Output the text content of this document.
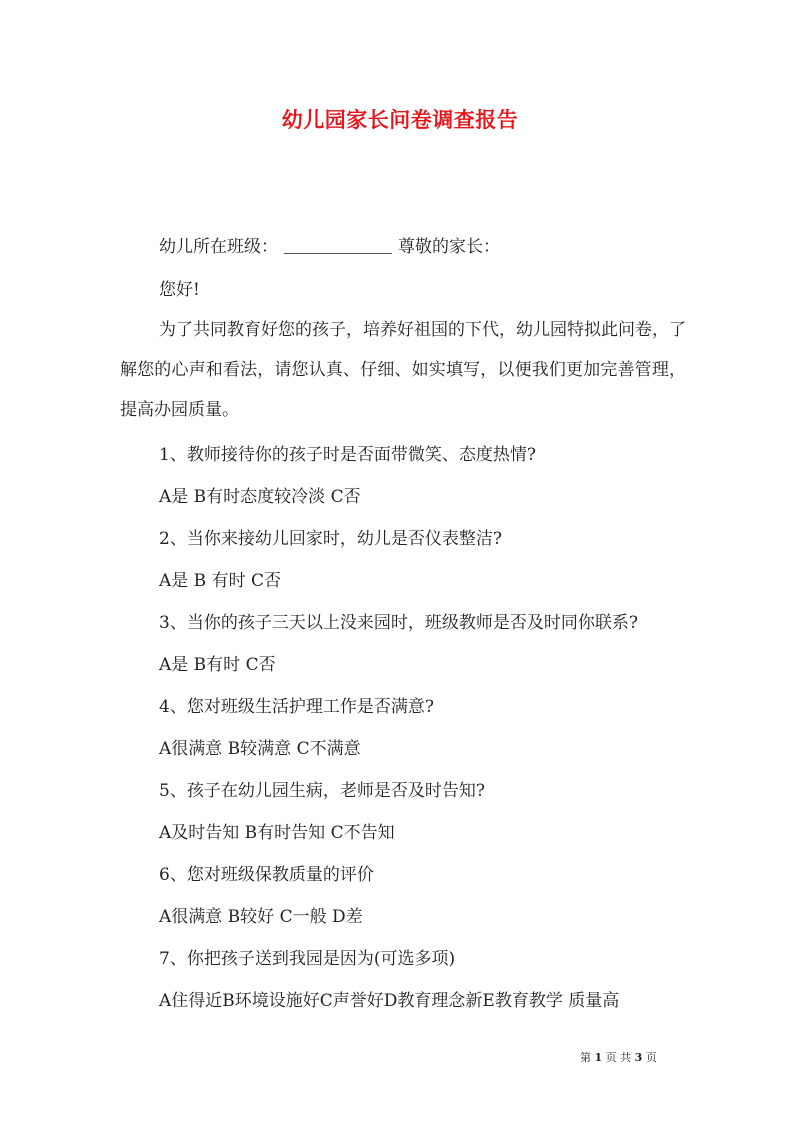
幼儿园家长问卷调查报告
幼儿所在班级：	尊敬的家长：
您好!
为了共同教育好您的孩子，培养好祖国的下代，幼儿园特拟此问卷，了解您的心声和看法，请您认真、仔细、如实填写，以便我们更加完善管理，提高办园质量。
1、教师接待你的孩子时是否面带微笑、态度热情?
A是 B有时态度较冷淡 C否
2、当你来接幼儿回家时，幼儿是否仪表整洁?
A是 B 有时 C否
3、当你的孩子三天以上没来园时，班级教师是否及时同你联系?
A是 B有时 C否
4、您对班级生活护理工作是否满意?
A很满意 B较满意 C不满意
5、孩子在幼儿园生病，老师是否及时告知?
A及时告知 B有时告知 C不告知
6、您对班级保教质量的评价
A很满意 B较好 C一般 D差
7、你把孩子送到我园是因为(可选多项)
A住得近B环境设施好C声誉好D教育理念新E教育教学 质量高
第 1 页 共 3 页
